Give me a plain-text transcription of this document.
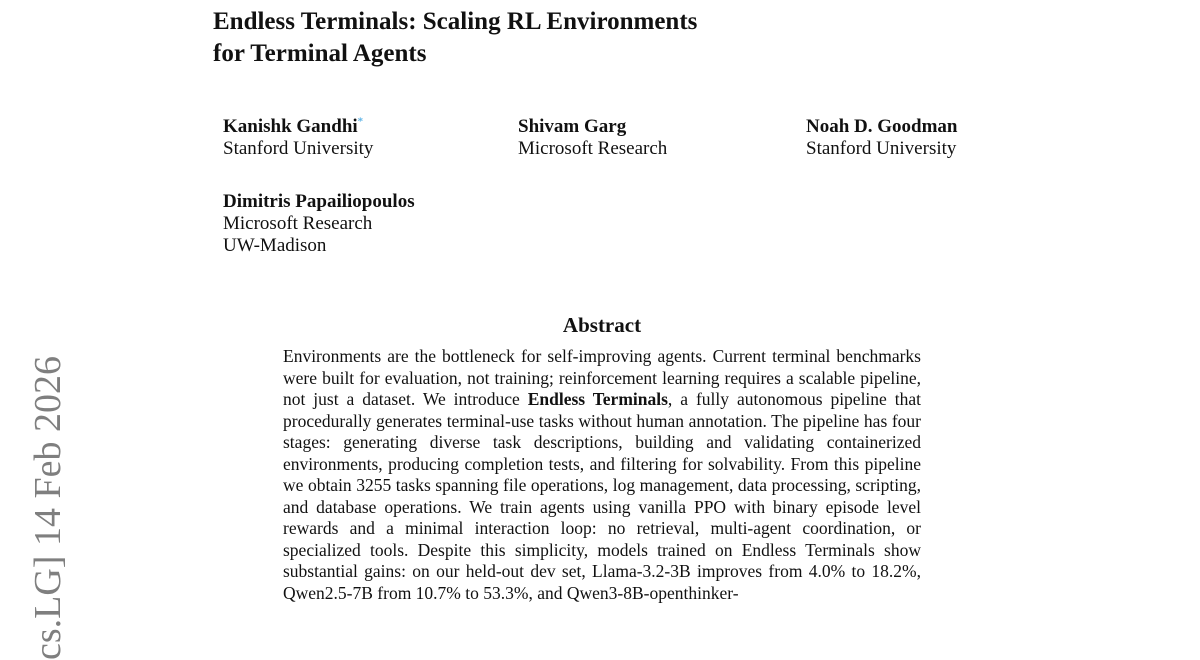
Endless Terminals: Scaling RL Environments
for Terminal Agents
Kanishk Gandhi*
Stanford University
Shivam Garg
Microsoft Research
Noah D. Goodman
Stanford University
Dimitris Papailiopoulos
Microsoft Research
UW-Madison
Abstract

Environments are the bottleneck for self-improving agents. Current terminal benchmarks were built for evaluation, not training; reinforcement learning requires a scalable pipeline, not just a dataset. We introduce Endless Terminals, a fully autonomous pipeline that procedurally generates terminal-use tasks without human annotation. The pipeline has four stages: generating diverse task descriptions, building and validating containerized environments, producing completion tests, and filtering for solvability. From this pipeline we obtain 3255 tasks spanning file operations, log management, data processing, scripting, and database operations. We train agents using vanilla PPO with binary episode level rewards and a minimal interaction loop: no retrieval, multi-agent coordination, or specialized tools. Despite this simplicity, models trained on Endless Terminals show substantial gains: on our held-out dev set, Llama-3.2-3B improves from 4.0% to 18.2%, Qwen2.5-7B from 10.7% to 53.3%, and Qwen3-8B-openthinker-

cs.LG] 14 Feb 2026
